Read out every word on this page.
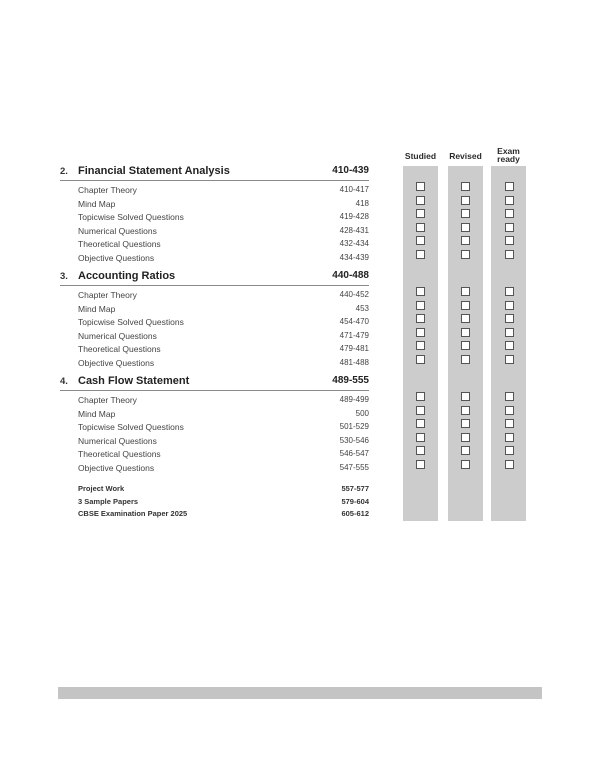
Studied Revised	Exam
ready
2. Financial Statement Analysis	410-439
Chapter Theory	410-417
Mind Map	418
Topicwise Solved Questions	419-428
Numerical Questions	428-431
Theoretical Questions	432-434
Objective Questions	434-439
3. Accounting Ratios	440-488
Chapter Theory	440-452
Mind Map	453
Topicwise Solved Questions	454-470
Numerical Questions	471-479
Theoretical Questions	479-481
Objective Questions	481-488
4. Cash Flow Statement	489-555
Chapter Theory	489-499
Mind Map	500
Topicwise Solved Questions	501-529
Numerical Questions	530-546
Theoretical Questions	546-547
Objective Questions	547-555
Project Work	557-577
3 Sample Papers	579-604
CBSE Examination Paper 2025	605-612
